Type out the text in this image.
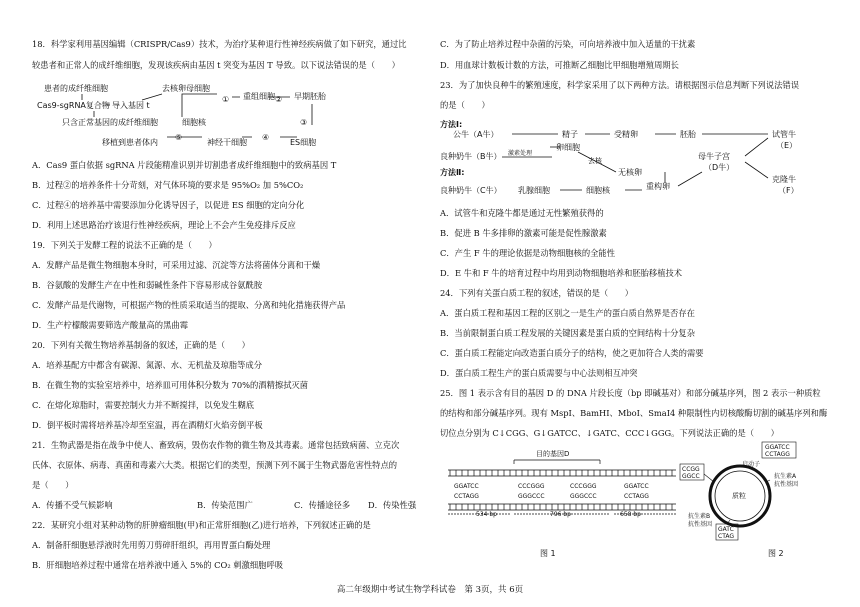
18．科学家利用基因编辑（CRISPR/Cas9）技术，为治疗某种退行性神经疾病做了如下研究，通过比
较患者和正常人的成纤维细胞，发现该疾病由基因 t 突变为基因 T 导致。以下说法错误的是（　　）
患者的成纤维细胞	去核卵母细胞
Cas9-sgRNA复合物 导入基因 t
只含正常基因的成纤维细胞	细胞核
① 重组细胞 ② 早期胚胎
③
ES细胞
④
神经干细胞
⑤
移植到患者体内
A．Cas9 蛋白依据 sgRNA 片段能精准识别并切割患者成纤维细胞中的致病基因 T
B．过程②的培养条件十分苛刻，对气体环境的要求是 95%O₂ 加 5%CO₂
C．过程④的培养基中需要添加分化诱导因子，以促进 ES 细胞的定向分化
D．利用上述思路治疗该退行性神经疾病，理论上不会产生免疫排斥反应
19．下列关于发酵工程的说法不正确的是（　　）
A．发酵产品是微生物细胞本身时，可采用过滤、沉淀等方法将菌体分离和干燥
B．谷氨酸的发酵生产在中性和弱碱性条件下容易形成谷氨酰胺
C．发酵产品是代谢物，可根据产物的性质采取适当的提取、分离和纯化措施获得产品
D．生产柠檬酸需要筛选产酸量高的黑曲霉
20．下列有关微生物培养基制备的叙述，正确的是（　　）
A．培养基配方中都含有碳源、氮源、水、无机盐及琼脂等成分
B．在微生物的实验室培养中，培养皿可用体积分数为 70%的酒精擦拭灭菌
C．在熔化琼脂时，需要控制火力并不断搅拌，以免发生糊底
D．倒平板时需将培养基冷却至室温，再在酒精灯火焰旁倒平板
21．生物武器是指在战争中使人、畜致病，毁伤农作物的微生物及其毒素。通常包括致病菌、立克次
氏体、衣原体、病毒、真菌和毒素六大类。根据它们的类型，预测下列不属于生物武器危害性特点的
是（　　）
A．传播不受气候影响	B．传染范围广	C．传播途径多 D．传染性强
22．某研究小组对某种动物的肝肿瘤细胞(甲)和正常肝细胞(乙)进行培养，下列叙述正确的是
A．制备肝细胞悬浮液时先用剪刀剪碎肝组织，再用胃蛋白酶处理
B．肝细胞培养过程中通常在培养液中通入 5%的 CO₂ 刺激细胞呼吸
C．为了防止培养过程中杂菌的污染，可向培养液中加入适量的干扰素
D．用血球计数板计数的方法，可推断乙细胞比甲细胞增殖周期长
23．为了加快良种牛的繁殖速度，科学家采用了以下两种方法。请根据图示信息判断下列说法错误
的是（　　）
方法Ⅰ:
方法Ⅱ:
公牛（A牛）
良种奶牛（B牛）
良种奶牛（C牛）
激素处理
精子
卵细胞
受精卵	胚胎	试管牛
（E）
母牛子宫
（D牛）
去核
无核卵
乳腺细胞	细胞核	重构卵
克隆牛
（F）
A．试管牛和克隆牛都是通过无性繁殖获得的
B．促进 B 牛多排卵的激素可能是促性腺激素
C．产生 F 牛的理论依据是动物细胞核的全能性
D．E 牛和 F 牛的培育过程中均用到动物细胞培养和胚胎移植技术
24．下列有关蛋白质工程的叙述，错误的是（　　）
A．蛋白质工程和基因工程的区别之一是生产的蛋白质自然界是否存在
B．当前限制蛋白质工程发展的关键因素是蛋白质的空间结构十分复杂
C．蛋白质工程能定向改造蛋白质分子的结构，使之更加符合人类的需要
D．蛋白质工程生产的蛋白质需要与中心法则相互冲突
25．图 1 表示含有目的基因 D 的 DNA 片段长度（bp 即碱基对）和部分碱基序列，图 2 表示一种质粒
的结构和部分碱基序列。现有 MspⅠ、BamHⅠ、MboⅠ、SmaⅠ4 种限制性内切核酸酶切割的碱基序列和酶
切位点分别为 C↓CGG、G↓GATCC、↓GATC、CCC↓GGG。下列说法正确的是（　　）
目的基因D
GGATCC
CCTAGG
CCCGGG
GGGCCC
CCCGGG
GGGCCC
GGATCC
CCTAGG
534 bp	796 bp	658 bp
图 1
GGATCC
CCTAGG
启动子
CCGG
GGCC	抗生素A
抗性基因
质粒
抗生素B
抗性基因
GATC
CTAG
图 2
高二年级期中考试生物学科试卷　第 3页，共 6页
